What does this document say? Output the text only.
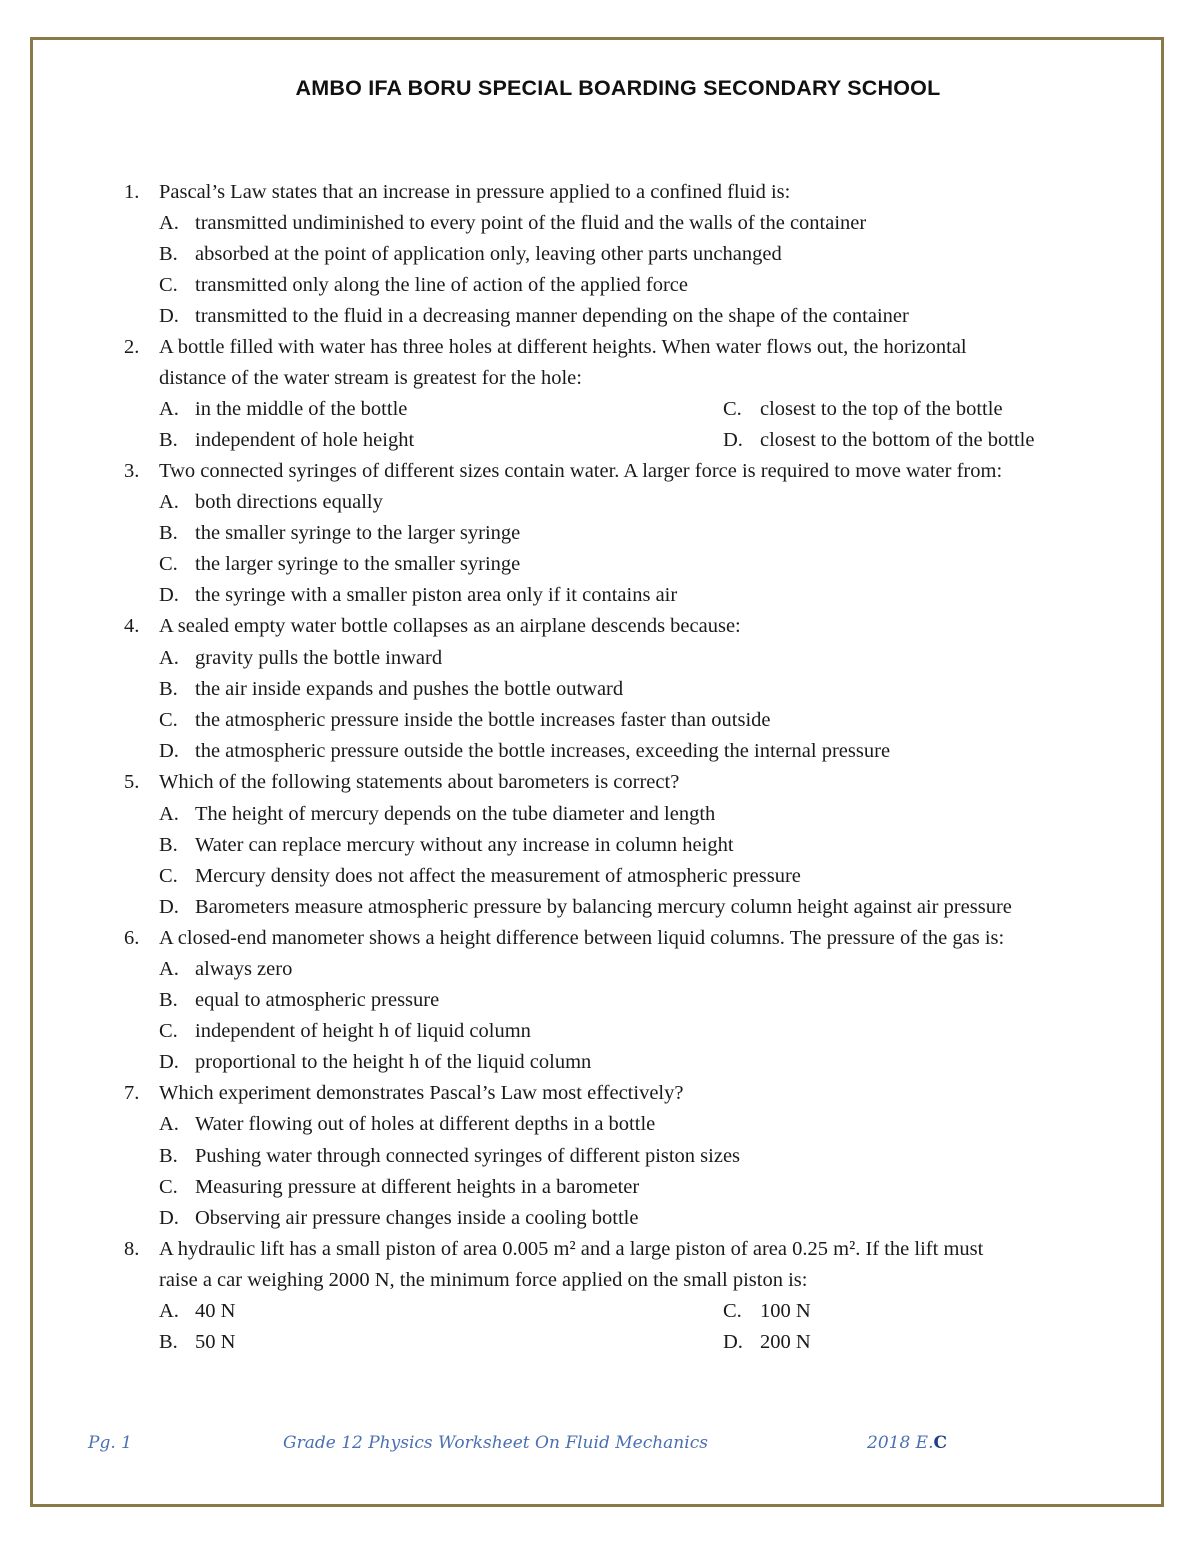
AMBO IFA BORU SPECIAL BOARDING SECONDARY SCHOOL
1. Pascal’s Law states that an increase in pressure applied to a confined fluid is:
A. transmitted undiminished to every point of the fluid and the walls of the container
B. absorbed at the point of application only, leaving other parts unchanged
C. transmitted only along the line of action of the applied force
D. transmitted to the fluid in a decreasing manner depending on the shape of the container
2. A bottle filled with water has three holes at different heights. When water flows out, the horizontal
distance of the water stream is greatest for the hole:
A. in the middle of the bottle	C. closest to the top of the bottle
B. independent of hole height	D. closest to the bottom of the bottle
3. Two connected syringes of different sizes contain water. A larger force is required to move water from:
A. both directions equally
B. the smaller syringe to the larger syringe
C. the larger syringe to the smaller syringe
D. the syringe with a smaller piston area only if it contains air
4. A sealed empty water bottle collapses as an airplane descends because:
A. gravity pulls the bottle inward
B. the air inside expands and pushes the bottle outward
C. the atmospheric pressure inside the bottle increases faster than outside
D. the atmospheric pressure outside the bottle increases, exceeding the internal pressure
5. Which of the following statements about barometers is correct?
A. The height of mercury depends on the tube diameter and length
B. Water can replace mercury without any increase in column height
C. Mercury density does not affect the measurement of atmospheric pressure
D. Barometers measure atmospheric pressure by balancing mercury column height against air pressure
6. A closed-end manometer shows a height difference between liquid columns. The pressure of the gas is:
A. always zero
B. equal to atmospheric pressure
C. independent of height h of liquid column
D. proportional to the height h of the liquid column
7. Which experiment demonstrates Pascal’s Law most effectively?
A. Water flowing out of holes at different depths in a bottle
B. Pushing water through connected syringes of different piston sizes
C. Measuring pressure at different heights in a barometer
D. Observing air pressure changes inside a cooling bottle
8. A hydraulic lift has a small piston of area 0.005 m² and a large piston of area 0.25 m². If the lift must
raise a car weighing 2000 N, the minimum force applied on the small piston is:
A. 40 N	C. 100 N
B. 50 N	D. 200 N
Pg. 1	Grade 12 Physics Worksheet On Fluid Mechanics	2018 E.C
